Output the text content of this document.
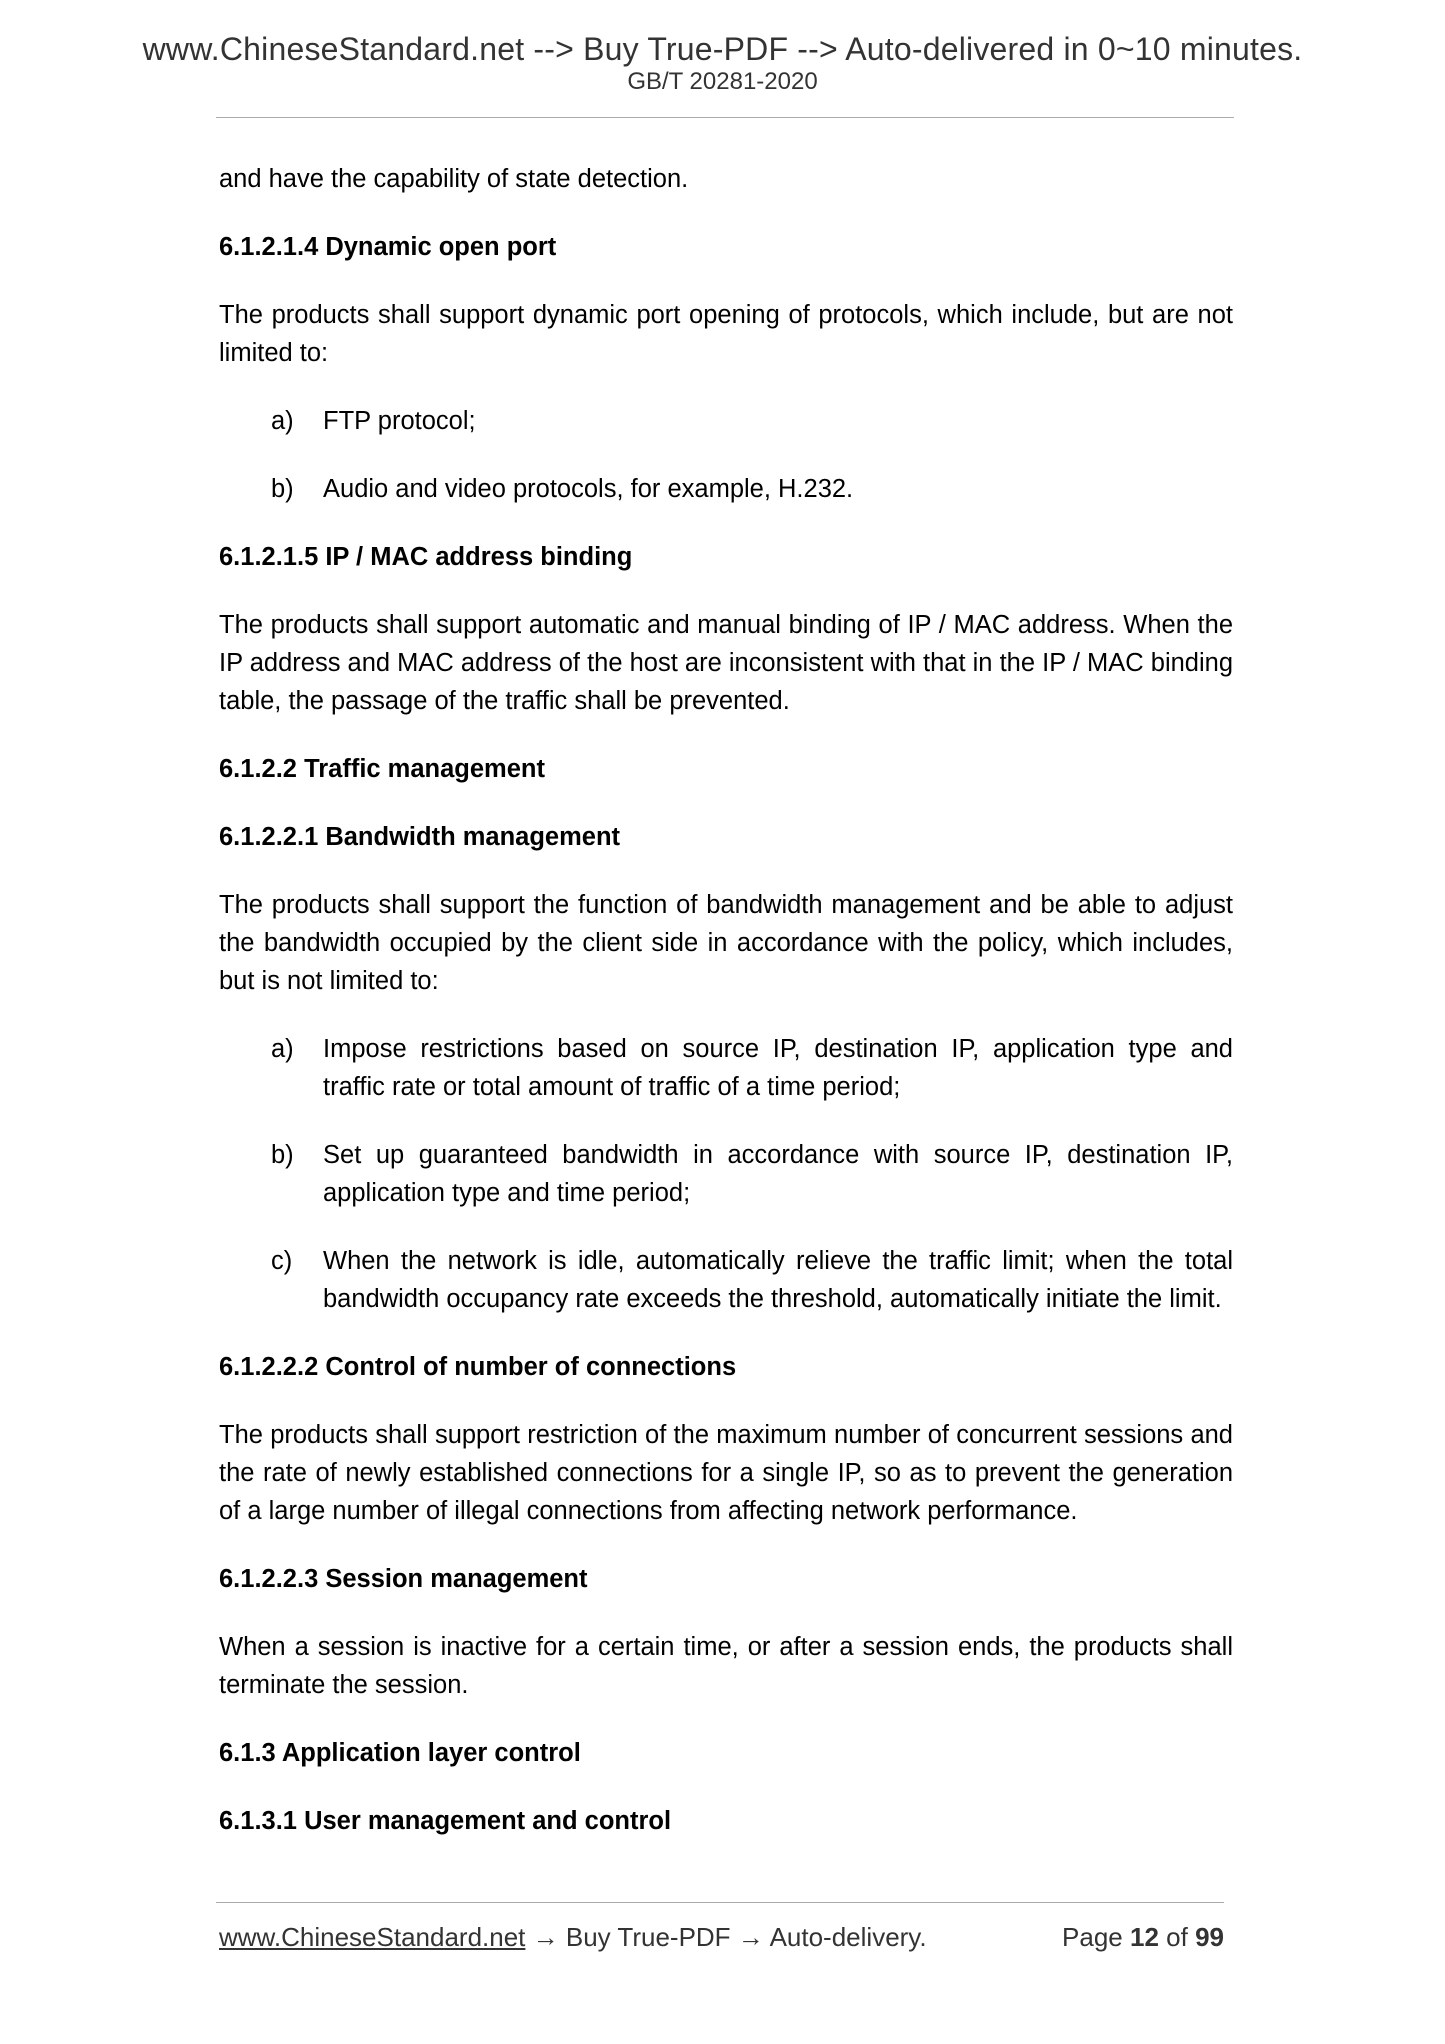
www.ChineseStandard.net --> Buy True-PDF --> Auto-delivered in 0~10 minutes.
GB/T 20281-2020

and have the capability of state detection.

6.1.2.1.4 Dynamic open port

The products shall support dynamic port opening of protocols, which include, but are not limited to:

a)	FTP protocol;
b)	Audio and video protocols, for example, H.232.

6.1.2.1.5 IP / MAC address binding

The products shall support automatic and manual binding of IP / MAC address. When the IP address and MAC address of the host are inconsistent with that in the IP / MAC binding table, the passage of the traffic shall be prevented.

6.1.2.2 Traffic management

6.1.2.2.1 Bandwidth management

The products shall support the function of bandwidth management and be able to adjust the bandwidth occupied by the client side in accordance with the policy, which includes, but is not limited to:

a)	Impose restrictions based on source IP, destination IP, application type and traffic rate or total amount of traffic of a time period;
b)	Set up guaranteed bandwidth in accordance with source IP, destination IP, application type and time period;
c)	When the network is idle, automatically relieve the traffic limit; when the total bandwidth occupancy rate exceeds the threshold, automatically initiate the limit.

6.1.2.2.2 Control of number of connections

The products shall support restriction of the maximum number of concurrent sessions and the rate of newly established connections for a single IP, so as to prevent the generation of a large number of illegal connections from affecting network performance.

6.1.2.2.3 Session management

When a session is inactive for a certain time, or after a session ends, the products shall terminate the session.

6.1.3 Application layer control

6.1.3.1 User management and control

www.ChineseStandard.net → Buy True-PDF → Auto-delivery.	Page 12 of 99
